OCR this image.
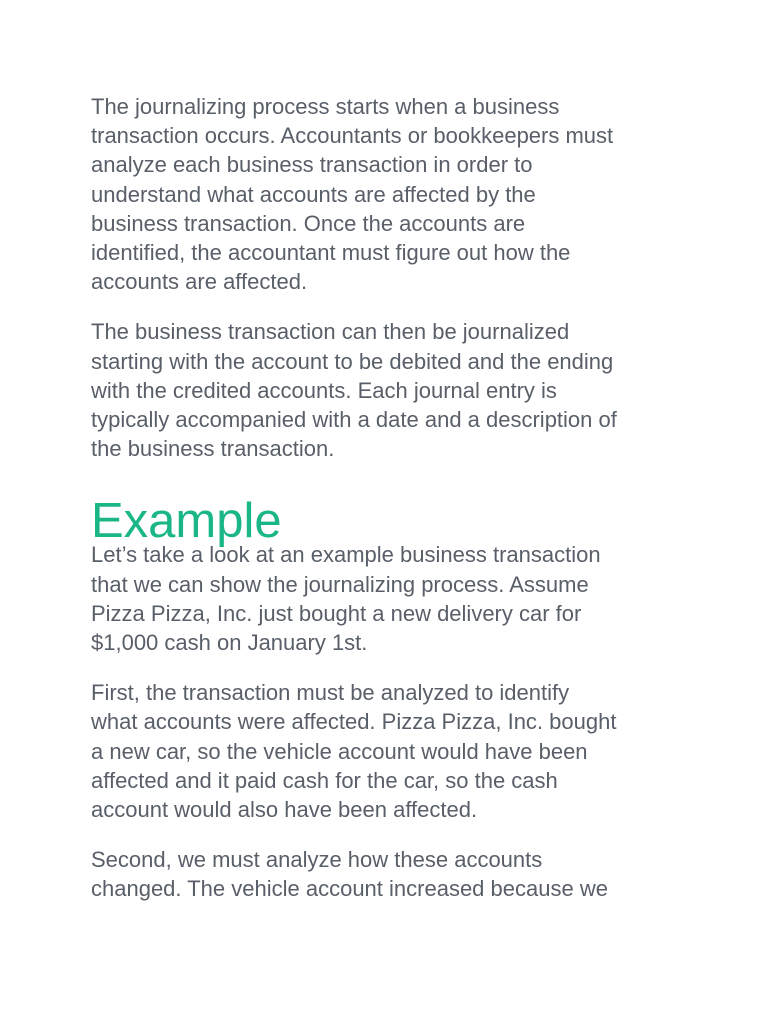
The journalizing process starts when a business
transaction occurs. Accountants or bookkeepers must
analyze each business transaction in order to
understand what accounts are affected by the
business transaction. Once the accounts are
identified, the accountant must figure out how the
accounts are affected.

The business transaction can then be journalized
starting with the account to be debited and the ending
with the credited accounts. Each journal entry is
typically accompanied with a date and a description of
the business transaction.

Example

Let’s take a look at an example business transaction
that we can show the journalizing process. Assume
Pizza Pizza, Inc. just bought a new delivery car for
$1,000 cash on January 1st.

First, the transaction must be analyzed to identify
what accounts were affected. Pizza Pizza, Inc. bought
a new car, so the vehicle account would have been
affected and it paid cash for the car, so the cash
account would also have been affected.

Second, we must analyze how these accounts
changed. The vehicle account increased because we
